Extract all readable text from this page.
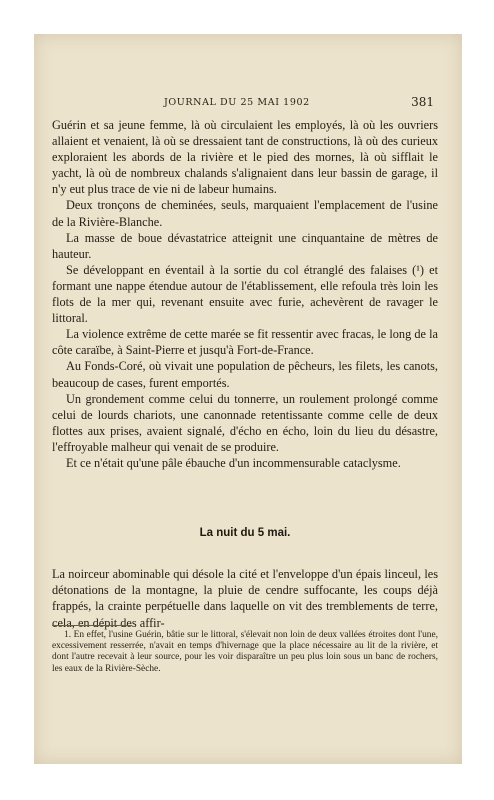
JOURNAL DU 25 MAI 1902	381

Guérin et sa jeune femme, là où circulaient les employés, là où les ouvriers allaient et venaient, là où se dressaient tant de constructions, là où des curieux exploraient les abords de la rivière et le pied des mornes, là où sifflait le yacht, là où de nombreux chalands s'alignaient dans leur bassin de garage, il n'y eut plus trace de vie ni de labeur humains.

Deux tronçons de cheminées, seuls, marquaient l'emplacement de l'usine de la Rivière-Blanche.

La masse de boue dévastatrice atteignit une cinquantaine de mètres de hauteur.

Se développant en éventail à la sortie du col étranglé des falaises (¹) et formant une nappe étendue autour de l'établissement, elle refoula très loin les flots de la mer qui, revenant ensuite avec furie, achevèrent de ravager le littoral.

La violence extrême de cette marée se fit ressentir avec fracas, le long de la côte caraïbe, à Saint-Pierre et jusqu'à Fort-de-France.

Au Fonds-Coré, où vivait une population de pêcheurs, les filets, les canots, beaucoup de cases, furent emportés.

Un grondement comme celui du tonnerre, un roulement prolongé comme celui de lourds chariots, une canonnade retentissante comme celle de deux flottes aux prises, avaient signalé, d'écho en écho, loin du lieu du désastre, l'effroyable malheur qui venait de se produire.

Et ce n'était qu'une pâle ébauche d'un incommensurable cataclysme.

La nuit du 5 mai.

La noirceur abominable qui désole la cité et l'enveloppe d'un épais linceul, les détonations de la montagne, la pluie de cendre suffocante, les coups déjà frappés, la crainte perpétuelle dans laquelle on vit des tremblements de terre, cela, en dépit des affir-

1. En effet, l'usine Guérin, bâtie sur le littoral, s'élevait non loin de deux vallées étroites dont l'une, excessivement resserrée, n'avait en temps d'hivernage que la place nécessaire au lit de la rivière, et dont l'autre recevait à leur source, pour les voir disparaître un peu plus loin sous un banc de rochers, les eaux de la Rivière-Sèche.
